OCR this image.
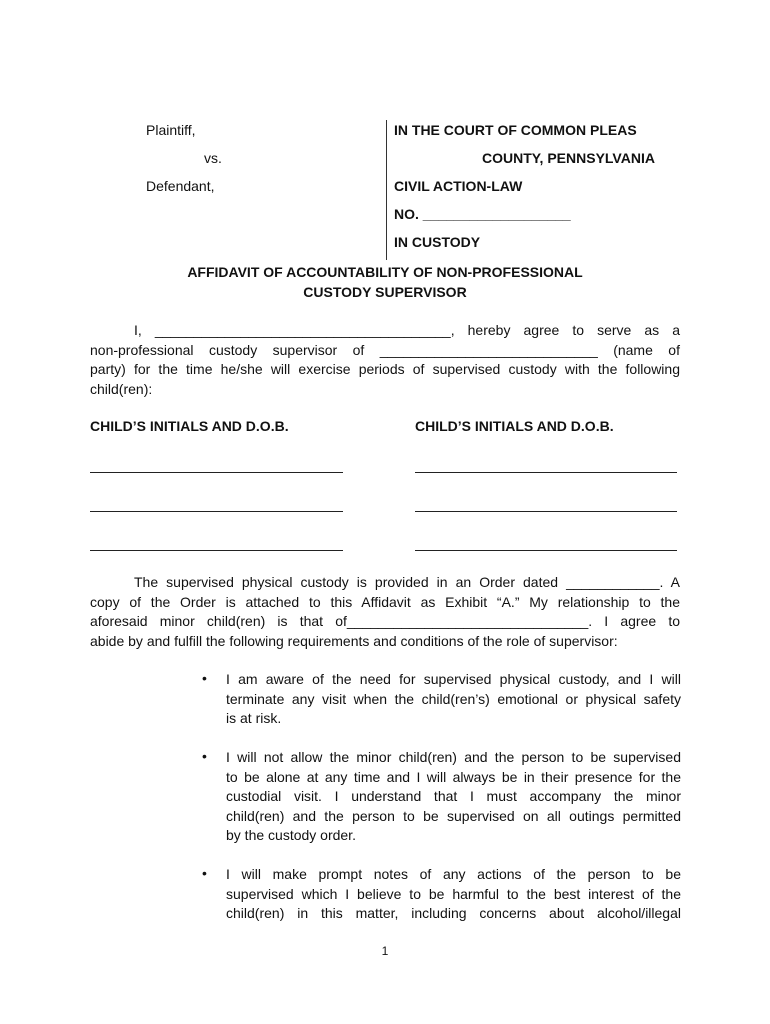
Plaintiff,
vs.
Defendant,
IN THE COURT OF COMMON PLEAS
COUNTY, PENNSYLVANIA
CIVIL ACTION-LAW
NO. ___________________
IN CUSTODY
AFFIDAVIT OF ACCOUNTABILITY OF NON-PROFESSIONAL
CUSTODY SUPERVISOR
I, ______________________________________, hereby agree to serve as a
non-professional custody supervisor of ____________________________ (name of
party) for the time he/she will exercise periods of supervised custody with the following
child(ren):
CHILD’S INITIALS AND D.O.B.	CHILD’S INITIALS AND D.O.B.
The supervised physical custody is provided in an Order dated ____________. A
copy of the Order is attached to this Affidavit as Exhibit “A.” My relationship to the
aforesaid minor child(ren) is that of_______________________________. I agree to
abide by and fulfill the following requirements and conditions of the role of supervisor:
• I am aware of the need for supervised physical custody, and I will
terminate any visit when the child(ren’s) emotional or physical safety
is at risk.
• I will not allow the minor child(ren) and the person to be supervised
to be alone at any time and I will always be in their presence for the
custodial visit. I understand that I must accompany the minor
child(ren) and the person to be supervised on all outings permitted
by the custody order.
• I will make prompt notes of any actions of the person to be
supervised which I believe to be harmful to the best interest of the
child(ren) in this matter, including concerns about alcohol/illegal
1
